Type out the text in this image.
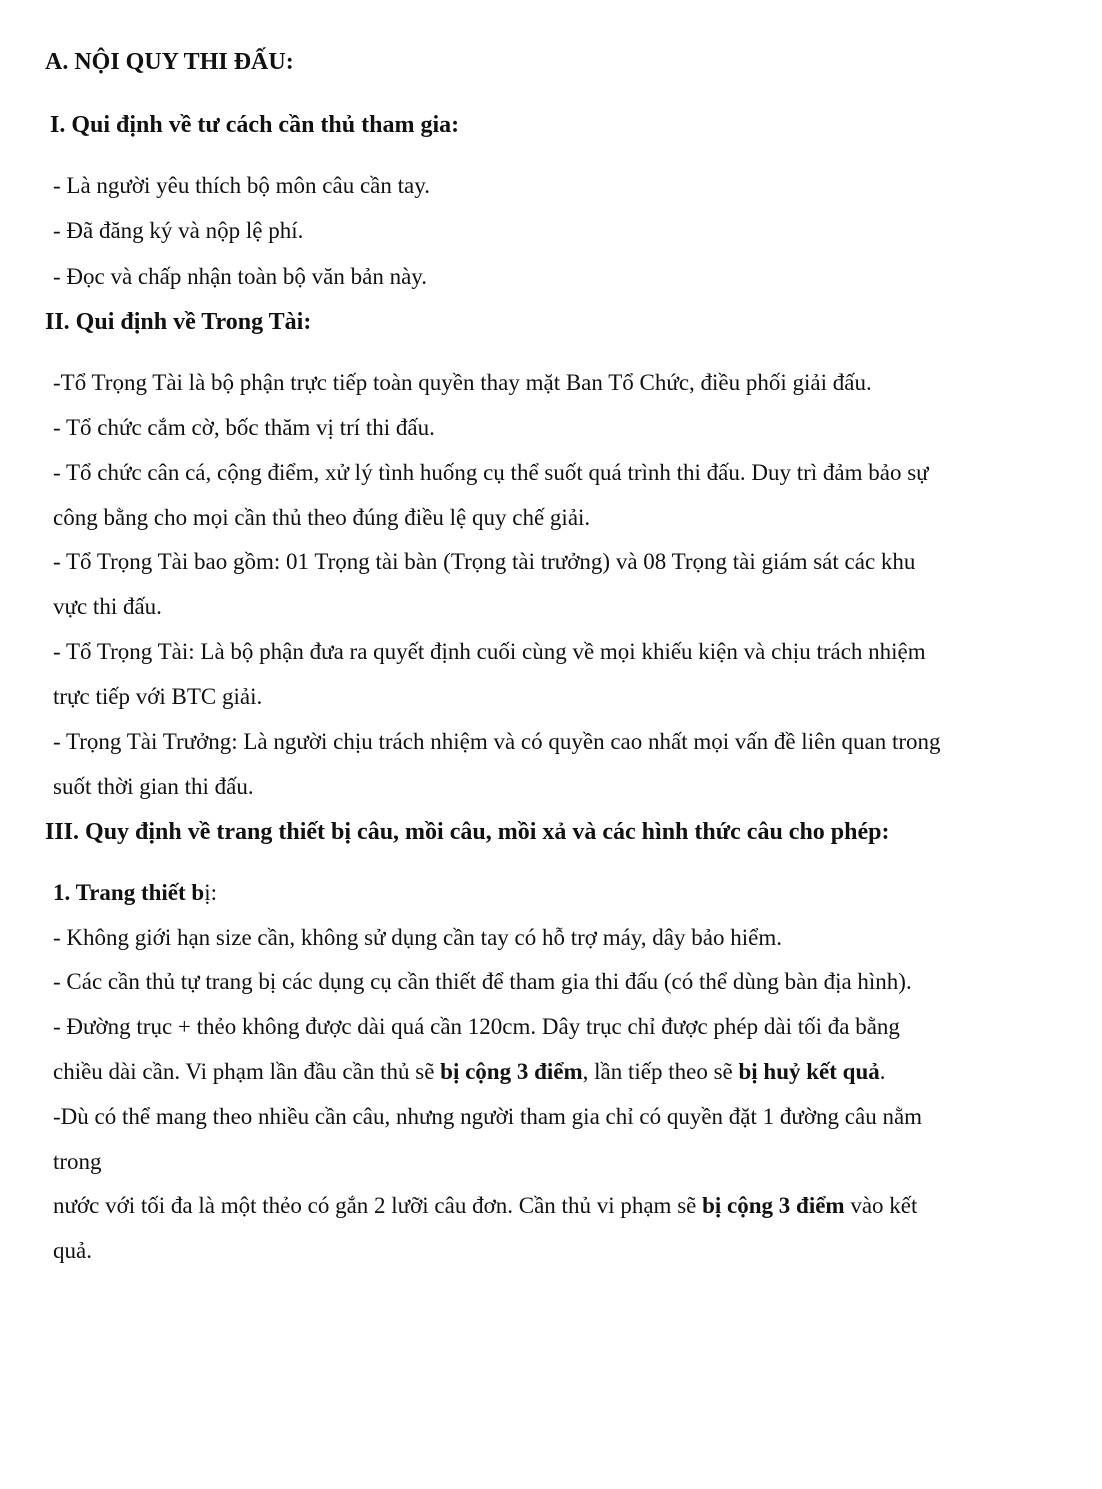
A. NỘI QUY THI ĐẤU:
I. Qui định về tư cách cần thủ tham gia:
- Là người yêu thích bộ môn câu cần tay.
- Đã đăng ký và nộp lệ phí.
- Đọc và chấp nhận toàn bộ văn bản này.
II. Qui định về Trong Tài:
-Tổ Trọng Tài là bộ phận trực tiếp toàn quyền thay mặt Ban Tổ Chức, điều phối giải đấu.
- Tổ chức cắm cờ, bốc thăm vị trí thi đấu.
- Tổ chức cân cá, cộng điểm, xử lý tình huống cụ thể suốt quá trình thi đấu. Duy trì đảm bảo sự
công bằng cho mọi cần thủ theo đúng điều lệ quy chế giải.
- Tổ Trọng Tài bao gồm: 01 Trọng tài bàn (Trọng tài trưởng) và 08 Trọng tài giám sát các khu
vực thi đấu.
- Tổ Trọng Tài: Là bộ phận đưa ra quyết định cuối cùng về mọi khiếu kiện và chịu trách nhiệm
trực tiếp với BTC giải.
- Trọng Tài Trưởng: Là người chịu trách nhiệm và có quyền cao nhất mọi vấn đề liên quan trong
suốt thời gian thi đấu.
III. Quy định về trang thiết bị câu, mồi câu, mồi xả và các hình thức câu cho phép:
1. Trang thiết bị:
- Không giới hạn size cần, không sử dụng cần tay có hỗ trợ máy, dây bảo hiểm.
- Các cần thủ tự trang bị các dụng cụ cần thiết để tham gia thi đấu (có thể dùng bàn địa hình).
- Đường trục + thẻo không được dài quá cần 120cm. Dây trục chỉ được phép dài tối đa bằng
chiều dài cần. Vi phạm lần đầu cần thủ sẽ bị cộng 3 điểm, lần tiếp theo sẽ bị huỷ kết quả.
-Dù có thể mang theo nhiều cần câu, nhưng người tham gia chỉ có quyền đặt 1 đường câu nằm
trong
nước với tối đa là một thẻo có gắn 2 lưỡi câu đơn. Cần thủ vi phạm sẽ bị cộng 3 điểm vào kết
quả.
